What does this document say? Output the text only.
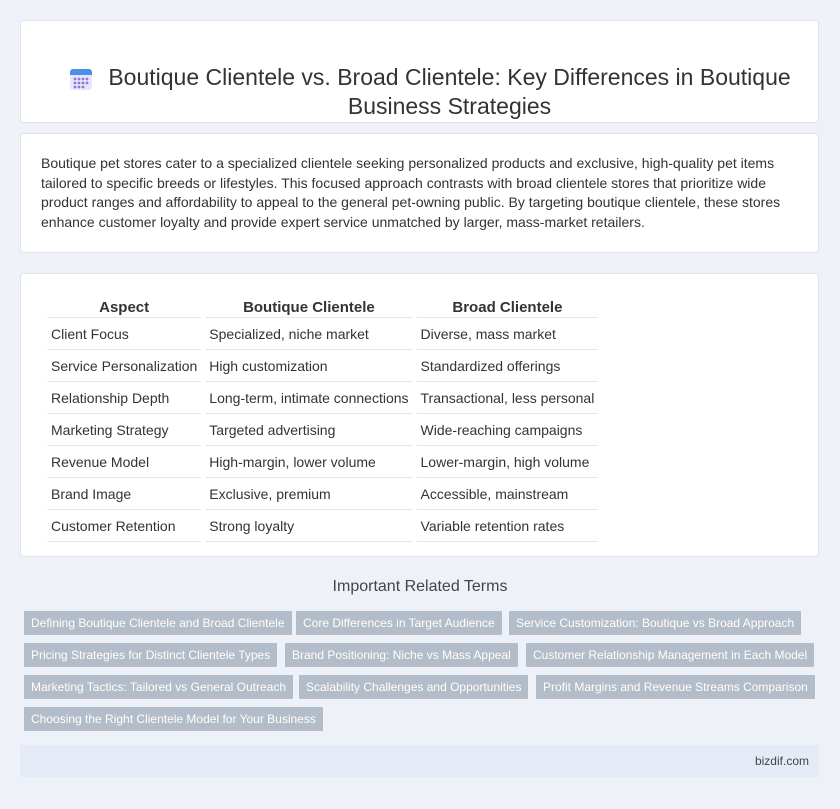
Boutique Clientele vs. Broad Clientele: Key Differences in Boutique Business Strategies

Boutique pet stores cater to a specialized clientele seeking personalized products and exclusive, high-quality pet items tailored to specific breeds or lifestyles. This focused approach contrasts with broad clientele stores that prioritize wide product ranges and affordability to appeal to the general pet-owning public. By targeting boutique clientele, these stores enhance customer loyalty and provide expert service unmatched by larger, mass-market retailers.

Aspect	Boutique Clientele	Broad Clientele
Client Focus	Specialized, niche market	Diverse, mass market
Service Personalization	High customization	Standardized offerings
Relationship Depth	Long-term, intimate connections	Transactional, less personal
Marketing Strategy	Targeted advertising	Wide-reaching campaigns
Revenue Model	High-margin, lower volume	Lower-margin, high volume
Brand Image	Exclusive, premium	Accessible, mainstream
Customer Retention	Strong loyalty	Variable retention rates
Important Related Terms
Defining Boutique Clientele and Broad Clientele	Core Differences in Target Audience	Service Customization: Boutique vs Broad Approach
Pricing Strategies for Distinct Clientele Types	Brand Positioning: Niche vs Mass Appeal	Customer Relationship Management in Each Model
Marketing Tactics: Tailored vs General Outreach	Scalability Challenges and Opportunities	Profit Margins and Revenue Streams Comparison
Choosing the Right Clientele Model for Your Business
bizdif.com
